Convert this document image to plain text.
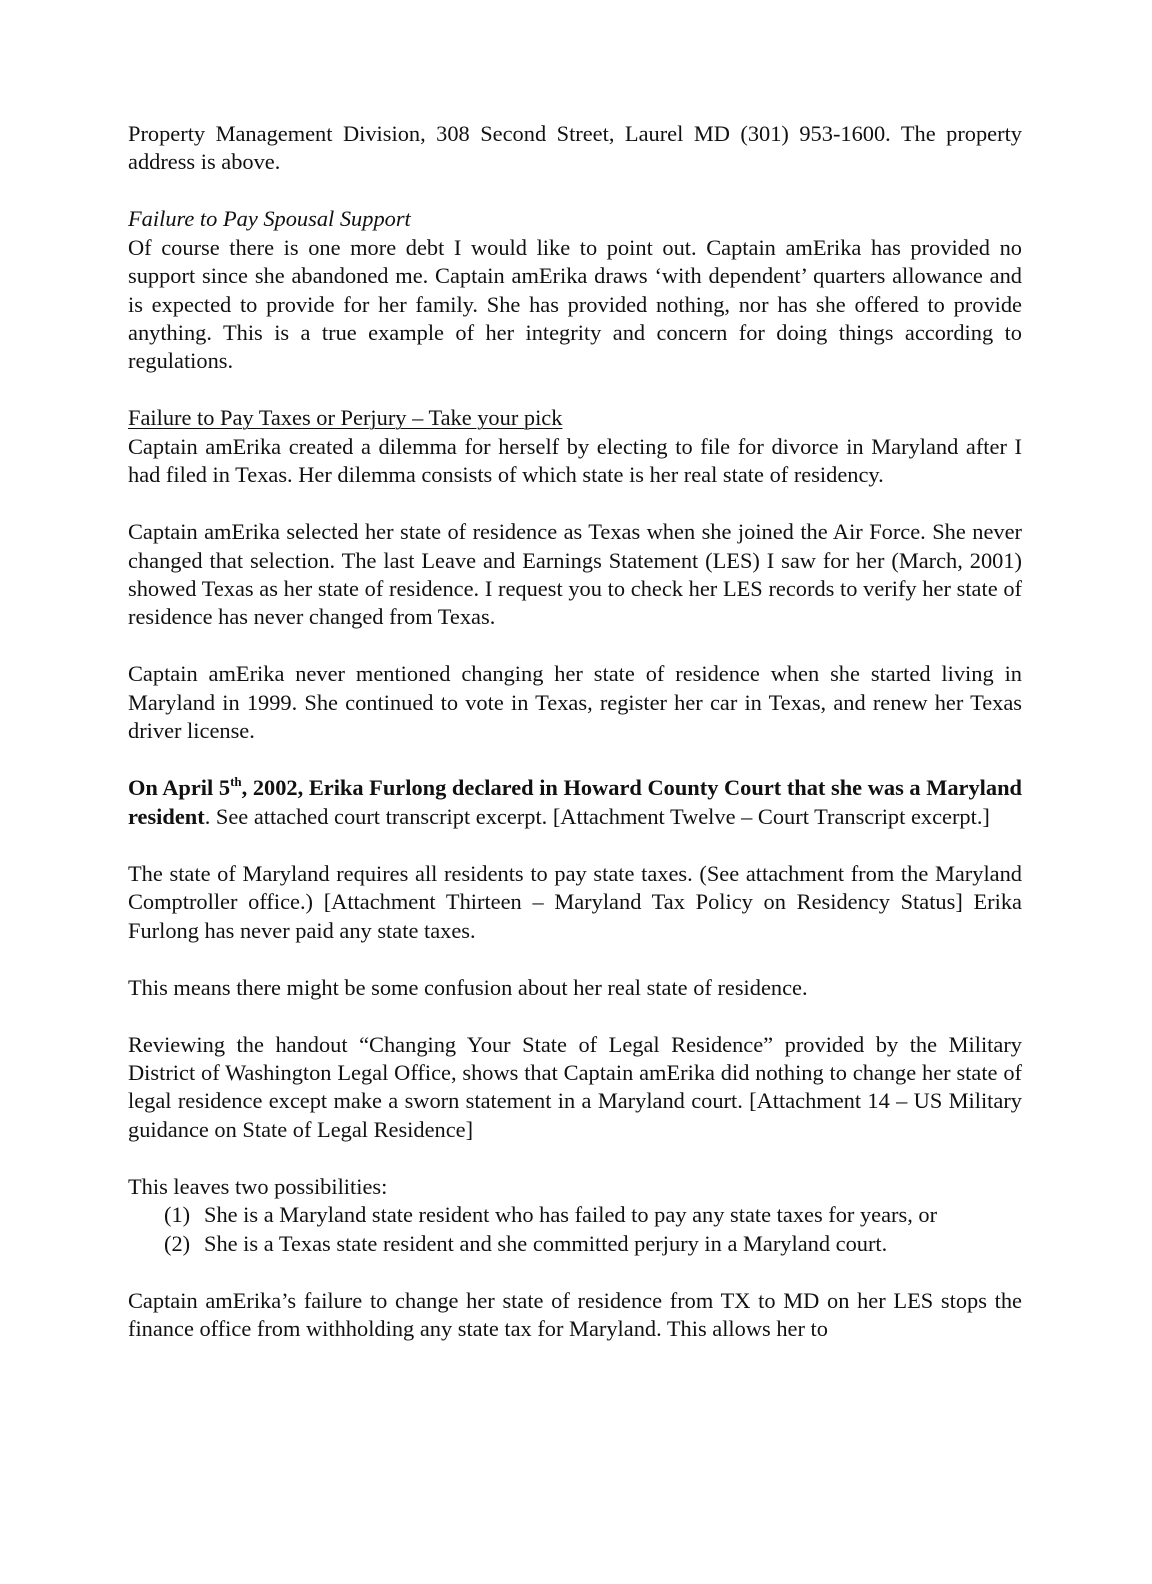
Property Management Division, 308 Second Street, Laurel MD (301) 953-1600. The property address is above.

Failure to Pay Spousal Support

Of course there is one more debt I would like to point out. Captain amErika has provided no support since she abandoned me. Captain amErika draws ‘with dependent’ quarters allowance and is expected to provide for her family. She has provided nothing, nor has she offered to provide anything. This is a true example of her integrity and concern for doing things according to regulations.

Failure to Pay Taxes or Perjury – Take your pick

Captain amErika created a dilemma for herself by electing to file for divorce in Maryland after I had filed in Texas. Her dilemma consists of which state is her real state of residency.

Captain amErika selected her state of residence as Texas when she joined the Air Force. She never changed that selection. The last Leave and Earnings Statement (LES) I saw for her (March, 2001) showed Texas as her state of residence. I request you to check her LES records to verify her state of residence has never changed from Texas.

Captain amErika never mentioned changing her state of residence when she started living in Maryland in 1999. She continued to vote in Texas, register her car in Texas, and renew her Texas driver license.

On April 5th, 2002, Erika Furlong declared in Howard County Court that she was a Maryland resident. See attached court transcript excerpt. [Attachment Twelve – Court Transcript excerpt.]

The state of Maryland requires all residents to pay state taxes. (See attachment from the Maryland Comptroller office.) [Attachment Thirteen – Maryland Tax Policy on Residency Status] Erika Furlong has never paid any state taxes.

This means there might be some confusion about her real state of residence.

Reviewing the handout “Changing Your State of Legal Residence” provided by the Military District of Washington Legal Office, shows that Captain amErika did nothing to change her state of legal residence except make a sworn statement in a Maryland court. [Attachment 14 – US Military guidance on State of Legal Residence]

This leaves two possibilities:

(1) She is a Maryland state resident who has failed to pay any state taxes for years, or
(2) She is a Texas state resident and she committed perjury in a Maryland court.

Captain amErika’s failure to change her state of residence from TX to MD on her LES stops the finance office from withholding any state tax for Maryland. This allows her to
